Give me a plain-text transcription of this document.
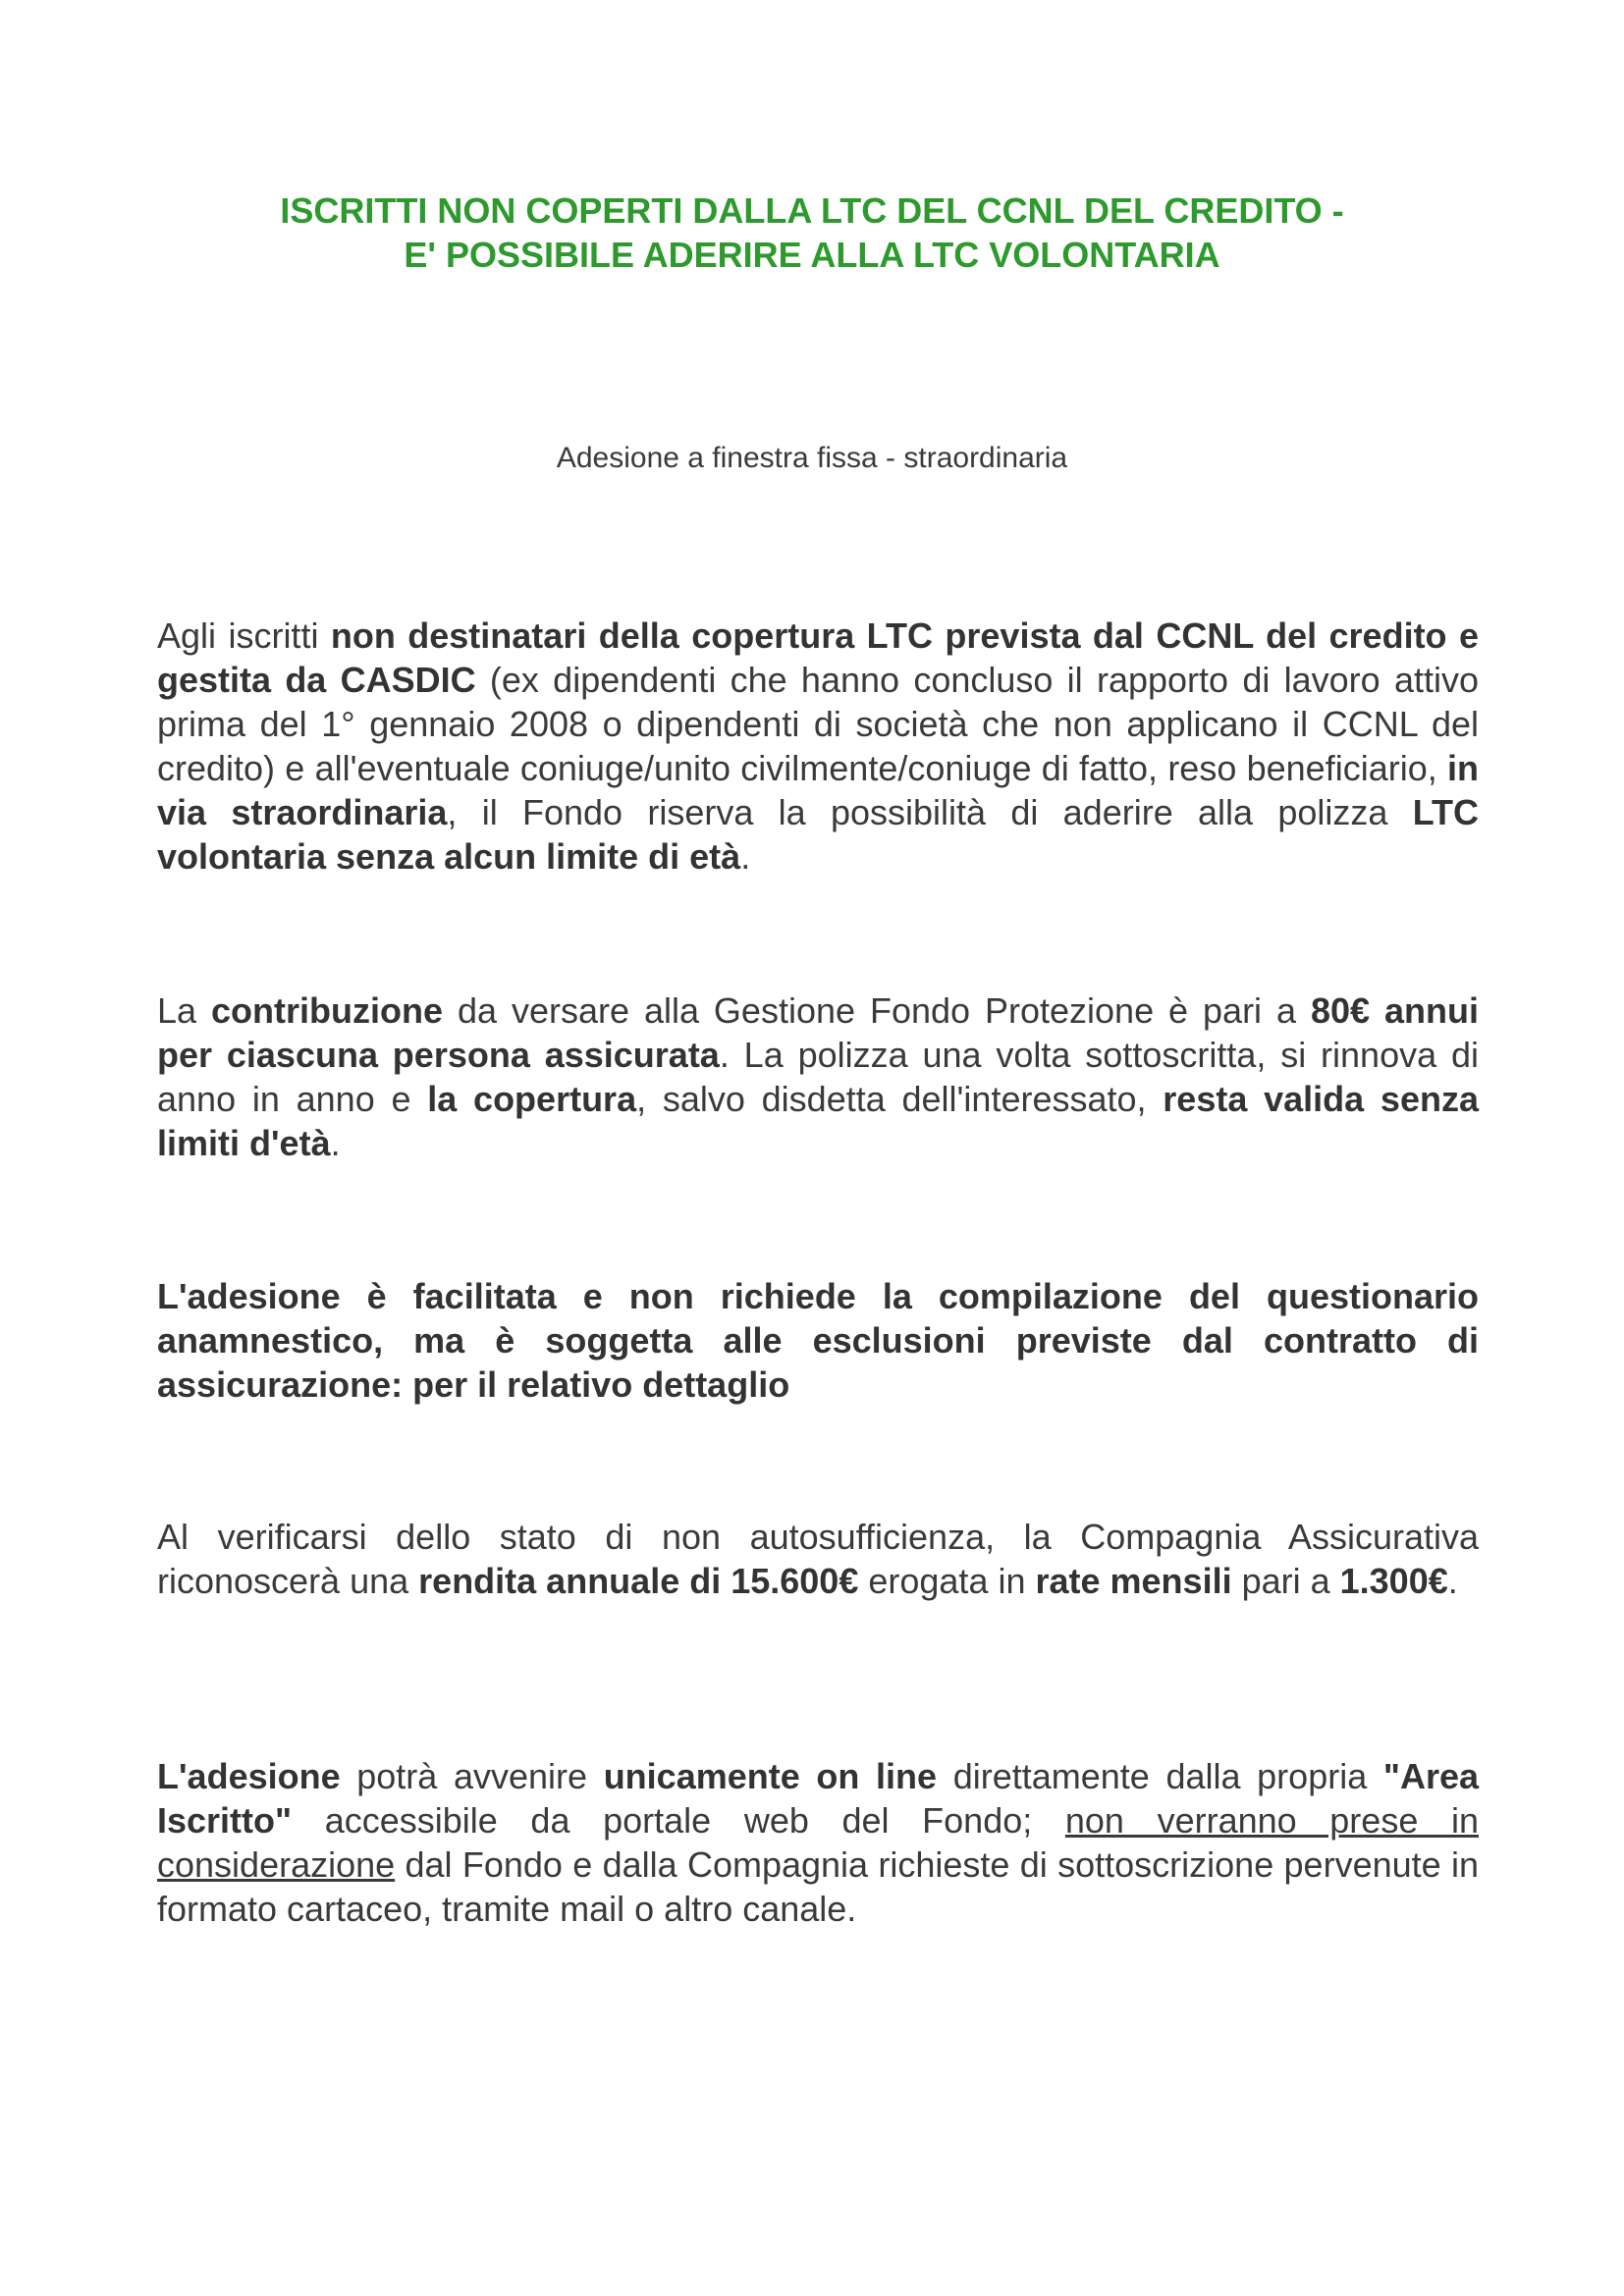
ISCRITTI NON COPERTI DALLA LTC DEL CCNL DEL CREDITO -
E' POSSIBILE ADERIRE ALLA LTC VOLONTARIA
Adesione a finestra fissa - straordinaria
Agli iscritti non destinatari della copertura LTC prevista dal CCNL del credito e gestita da CASDIC (ex dipendenti che hanno concluso il rapporto di lavoro attivo prima del 1° gennaio 2008 o dipendenti di società che non applicano il CCNL del credito) e all'eventuale coniuge/unito civilmente/coniuge di fatto, reso beneficiario, in via straordinaria, il Fondo riserva la possibilità di aderire alla polizza LTC volontaria senza alcun limite di età.
La contribuzione da versare alla Gestione Fondo Protezione è pari a 80€ annui per ciascuna persona assicurata. La polizza una volta sottoscritta, si rinnova di anno in anno e la copertura, salvo disdetta dell'interessato, resta valida senza limiti d'età.
L'adesione è facilitata e non richiede la compilazione del questionario anamnestico, ma è soggetta alle esclusioni previste dal contratto di assicurazione: per il relativo dettaglio
Al verificarsi dello stato di non autosufficienza, la Compagnia Assicurativa riconoscerà una rendita annuale di 15.600€ erogata in rate mensili pari a 1.300€.
L'adesione potrà avvenire unicamente on line direttamente dalla propria "Area Iscritto" accessibile da portale web del Fondo; non verranno prese in considerazione dal Fondo e dalla Compagnia richieste di sottoscrizione pervenute in formato cartaceo, tramite mail o altro canale.
